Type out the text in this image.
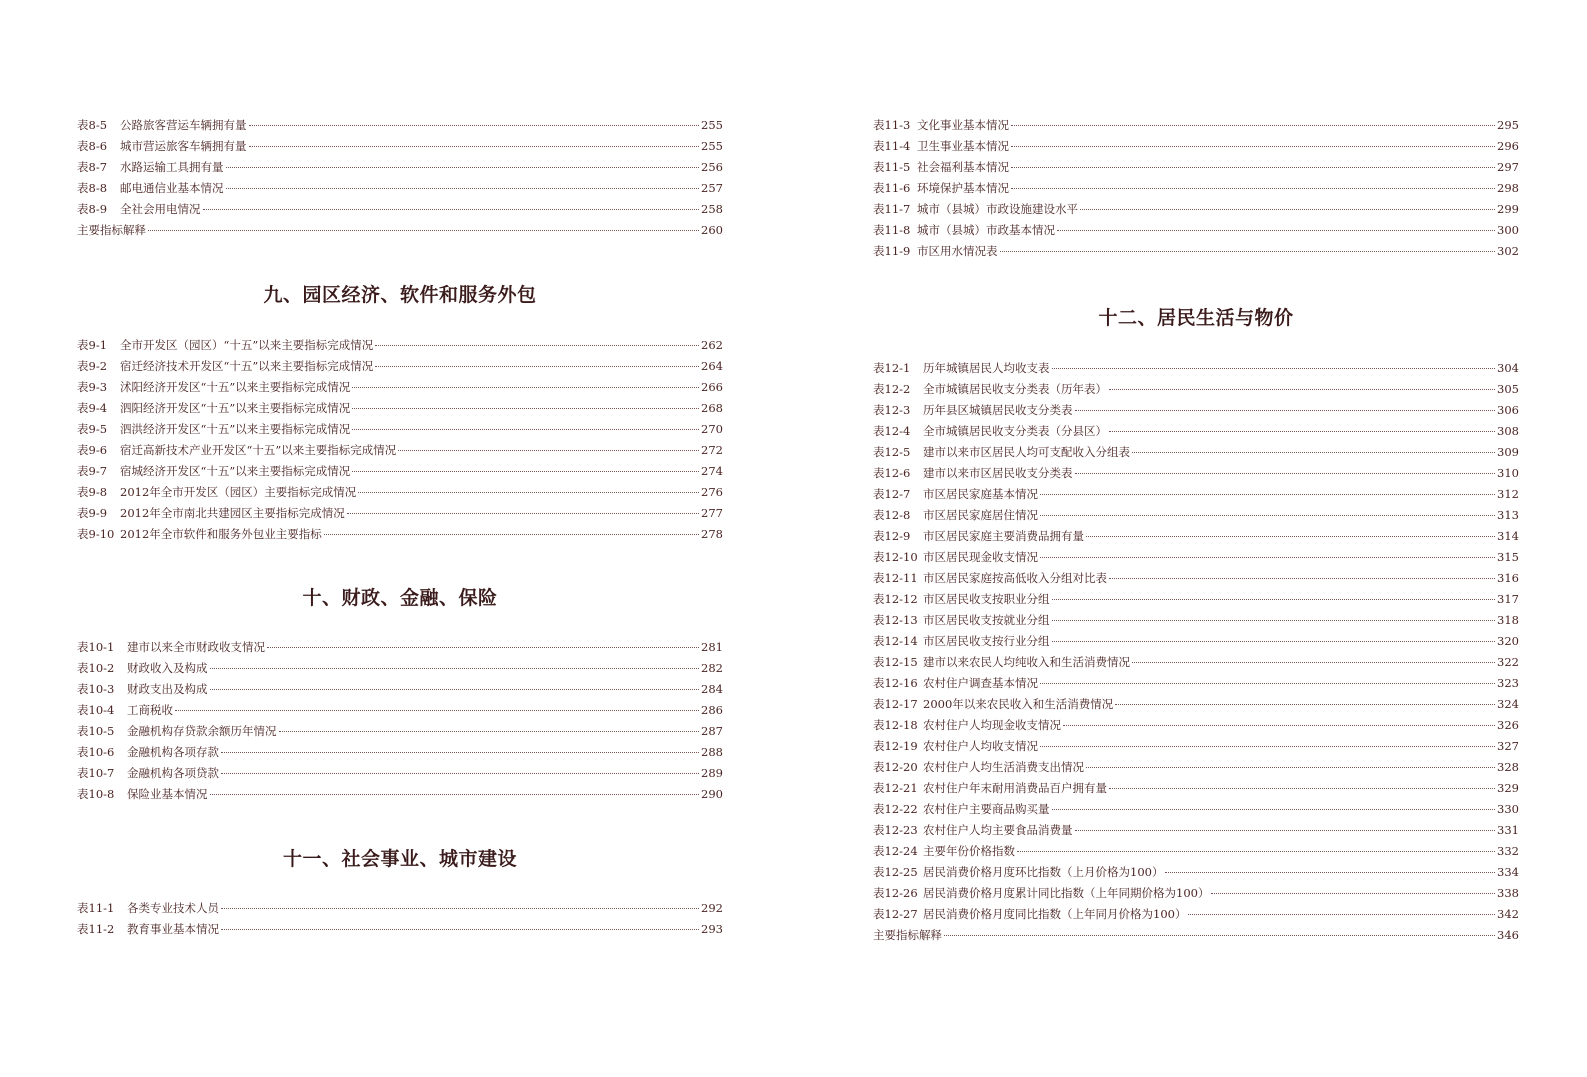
表8-5	公路旅客营运车辆拥有量	255
表8-6	城市营运旅客车辆拥有量	255
表8-7	水路运输工具拥有量	256
表8-8	邮电通信业基本情况	257
表8-9	全社会用电情况	258
主要指标解释	260
九、园区经济、软件和服务外包
表9-1	全市开发区（园区）“十五”以来主要指标完成情况	262
表9-2	宿迁经济技术开发区“十五”以来主要指标完成情况	264
表9-3	沭阳经济开发区“十五”以来主要指标完成情况	266
表9-4	泗阳经济开发区“十五”以来主要指标完成情况	268
表9-5	泗洪经济开发区“十五”以来主要指标完成情况	270
表9-6	宿迁高新技术产业开发区“十五”以来主要指标完成情况	272
表9-7	宿城经济开发区“十五”以来主要指标完成情况	274
表9-8	2012年全市开发区（园区）主要指标完成情况	276
表9-9	2012年全市南北共建园区主要指标完成情况	277
表9-10 2012年全市软件和服务外包业主要指标	278
十、财政、金融、保险
表10-1	建市以来全市财政收支情况	281
表10-2	财政收入及构成	282
表10-3	财政支出及构成	284
表10-4	工商税收	286
表10-5	金融机构存贷款余额历年情况	287
表10-6	金融机构各项存款	288
表10-7	金融机构各项贷款	289
表10-8	保险业基本情况	290
十一、社会事业、城市建设
表11-1	各类专业技术人员	292
表11-2	教育事业基本情况	293
表11-3 文化事业基本情况	295
表11-4 卫生事业基本情况	296
表11-5 社会福利基本情况	297
表11-6 环境保护基本情况	298
表11-7 城市（县城）市政设施建设水平	299
表11-8 城市（县城）市政基本情况	300
表11-9 市区用水情况表	302
十二、居民生活与物价
表12-1	历年城镇居民人均收支表	304
表12-2	全市城镇居民收支分类表（历年表）	305
表12-3	历年县区城镇居民收支分类表	306
表12-4	全市城镇居民收支分类表（分县区）	308
表12-5	建市以来市区居民人均可支配收入分组表	309
表12-6	建市以来市区居民收支分类表	310
表12-7	市区居民家庭基本情况	312
表12-8	市区居民家庭居住情况	313
表12-9	市区居民家庭主要消费品拥有量	314
表12-10 市区居民现金收支情况	315
表12-11 市区居民家庭按高低收入分组对比表	316
表12-12 市区居民收支按职业分组	317
表12-13 市区居民收支按就业分组	318
表12-14 市区居民收支按行业分组	320
表12-15 建市以来农民人均纯收入和生活消费情况	322
表12-16 农村住户调查基本情况	323
表12-17 2000年以来农民收入和生活消费情况	324
表12-18 农村住户人均现金收支情况	326
表12-19 农村住户人均收支情况	327
表12-20 农村住户人均生活消费支出情况	328
表12-21 农村住户年末耐用消费品百户拥有量	329
表12-22 农村住户主要商品购买量	330
表12-23 农村住户人均主要食品消费量	331
表12-24 主要年份价格指数	332
表12-25 居民消费价格月度环比指数（上月价格为100）	334
表12-26 居民消费价格月度累计同比指数（上年同期价格为100）	338
表12-27 居民消费价格月度同比指数（上年同月价格为100）	342
主要指标解释	346
